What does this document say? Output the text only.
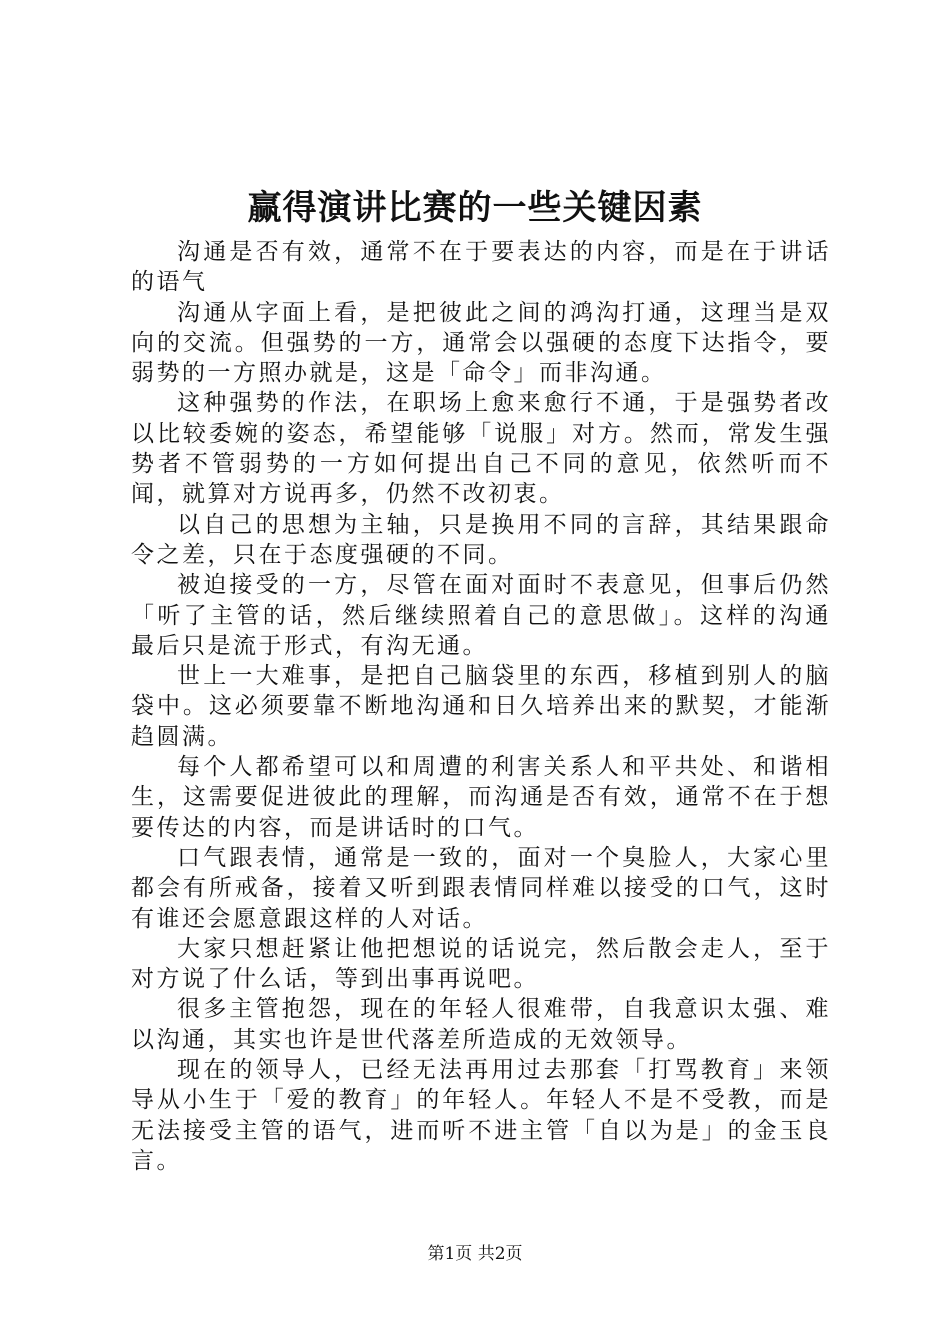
赢得演讲比赛的一些关键因素

沟通是否有效，通常不在于要表达的内容，而是在于讲话的语气

沟通从字面上看，是把彼此之间的鸿沟打通，这理当是双向的交流。但强势的一方，通常会以强硬的态度下达指令，要弱势的一方照办就是，这是「命令」而非沟通。

这种强势的作法，在职场上愈来愈行不通，于是强势者改以比较委婉的姿态，希望能够「说服」对方。然而，常发生强势者不管弱势的一方如何提出自己不同的意见，依然听而不闻，就算对方说再多，仍然不改初衷。

以自己的思想为主轴，只是换用不同的言辞，其结果跟命令之差，只在于态度强硬的不同。

被迫接受的一方，尽管在面对面时不表意见，但事后仍然「听了主管的话，然后继续照着自己的意思做」。这样的沟通最后只是流于形式，有沟无通。

世上一大难事，是把自己脑袋里的东西，移植到别人的脑袋中。这必须要靠不断地沟通和日久培养出来的默契，才能渐趋圆满。

每个人都希望可以和周遭的利害关系人和平共处、和谐相生，这需要促进彼此的理解，而沟通是否有效，通常不在于想要传达的内容，而是讲话时的口气。

口气跟表情，通常是一致的，面对一个臭脸人，大家心里都会有所戒备，接着又听到跟表情同样难以接受的口气，这时有谁还会愿意跟这样的人对话。

大家只想赶紧让他把想说的话说完，然后散会走人，至于对方说了什么话，等到出事再说吧。

很多主管抱怨，现在的年轻人很难带，自我意识太强、难以沟通，其实也许是世代落差所造成的无效领导。

现在的领导人，已经无法再用过去那套「打骂教育」来领导从小生于「爱的教育」的年轻人。年轻人不是不受教，而是无法接受主管的语气，进而听不进主管「自以为是」的金玉良言。

第1页 共2页
